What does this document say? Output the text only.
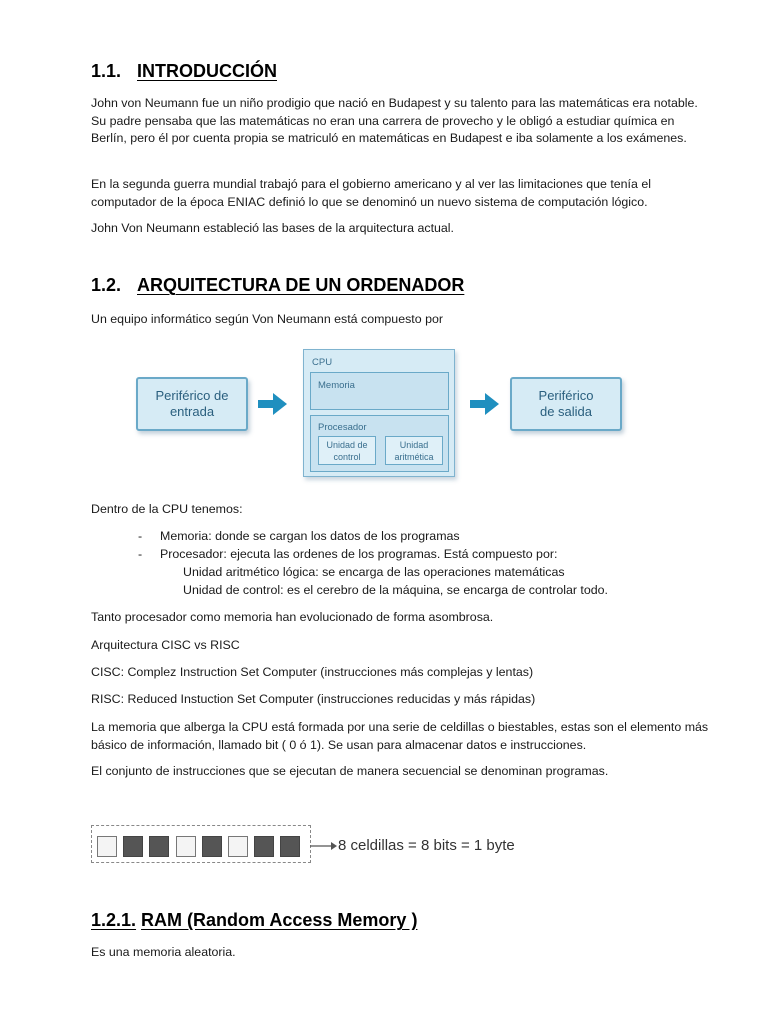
1.1. INTRODUCCIÓN

John von Neumann fue un niño prodigio que nació en Budapest y su talento para las matemáticas era notable. Su padre pensaba que las matemáticas no eran una carrera de provecho y le obligó a estudiar química en Berlín, pero él por cuenta propia se matriculó en matemáticas en Budapest e iba solamente a los exámenes.

En la segunda guerra mundial trabajó para el gobierno americano y al ver las limitaciones que tenía el computador de la época ENIAC definió lo que se denominó un nuevo sistema de computación lógico.

John Von Neumann estableció las bases de la arquitectura actual.

1.2. ARQUITECTURA DE UN ORDENADOR

Un equipo informático según Von Neumann está compuesto por

Periférico de entrada
CPU
Memoria
Procesador
Unidad de control
Unidad aritmética
Periférico de salida

Dentro de la CPU tenemos:

- Memoria: donde se cargan los datos de los programas
- Procesador: ejecuta las ordenes de los programas. Está compuesto por:
Unidad aritmético lógica: se encarga de las operaciones matemáticas
Unidad de control: es el cerebro de la máquina, se encarga de controlar todo.

Tanto procesador como memoria han evolucionado de forma asombrosa.

Arquitectura CISC vs RISC

CISC: Complez Instruction Set Computer (instrucciones más complejas y lentas)

RISC: Reduced Instuction Set Computer (instrucciones reducidas y más rápidas)

La memoria que alberga la CPU está formada por una serie de celdillas o biestables, estas son el elemento más básico de información, llamado bit ( 0 ó 1). Se usan para almacenar datos e instrucciones.

El conjunto de instrucciones que se ejecutan de manera secuencial se denominan programas.

8 celdillas = 8 bits = 1 byte
1.2.1. RAM (Random Access Memory )

Es una memoria aleatoria.
